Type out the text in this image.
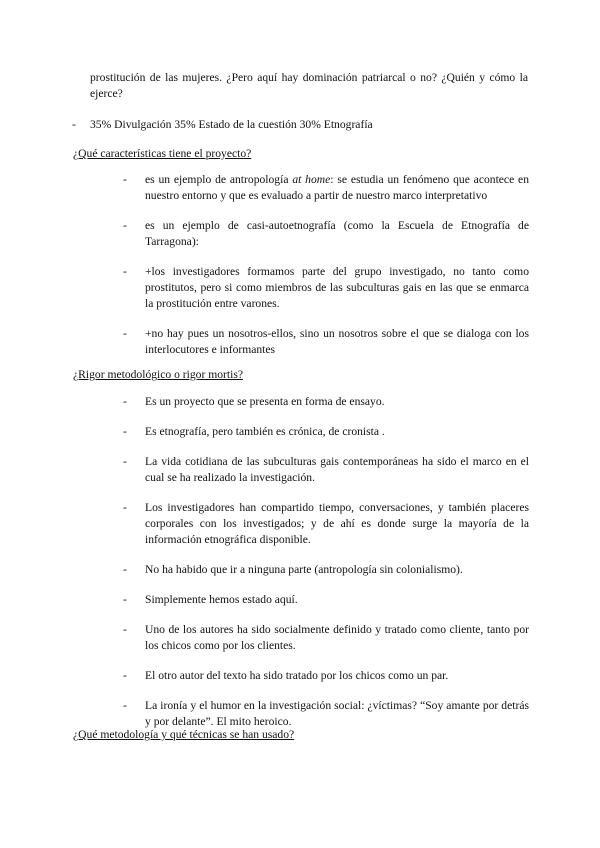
prostitución de las mujeres. ¿Pero aquí hay dominación patriarcal o no? ¿Quién y cómo la ejerce?
- 35% Divulgación 35% Estado de la cuestión 30% Etnografía
¿Qué características tiene el proyecto?
- es un ejemplo de antropología at home: se estudia un fenómeno que acontece en nuestro entorno y que es evaluado a partir de nuestro marco interpretativo
- es un ejemplo de casi-autoetnografía (como la Escuela de Etnografía de Tarragona):
- +los investigadores formamos parte del grupo investigado, no tanto como prostitutos, pero si como miembros de las subculturas gais en las que se enmarca la prostitución entre varones.
- +no hay pues un nosotros-ellos, sino un nosotros sobre el que se dialoga con los interlocutores e informantes
¿Rigor metodológico o rigor mortis?
- Es un proyecto que se presenta en forma de ensayo.
- Es etnografía, pero también es crónica, de cronista .
- La vida cotidiana de las subculturas gais contemporáneas ha sido el marco en el cual se ha realizado la investigación.
- Los investigadores han compartido tiempo, conversaciones, y también placeres corporales con los investigados; y de ahí es donde surge la mayoría de la información etnográfica disponible.
- No ha habido que ir a ninguna parte (antropología sin colonialismo).
- Simplemente hemos estado aquí.
- Uno de los autores ha sido socialmente definido y tratado como cliente, tanto por los chicos como por los clientes.
- El otro autor del texto ha sido tratado por los chicos como un par.
- La ironía y el humor en la investigación social: ¿víctimas? “Soy amante por detrás y por delante”. El mito heroico.
¿Qué metodología y qué técnicas se han usado?
